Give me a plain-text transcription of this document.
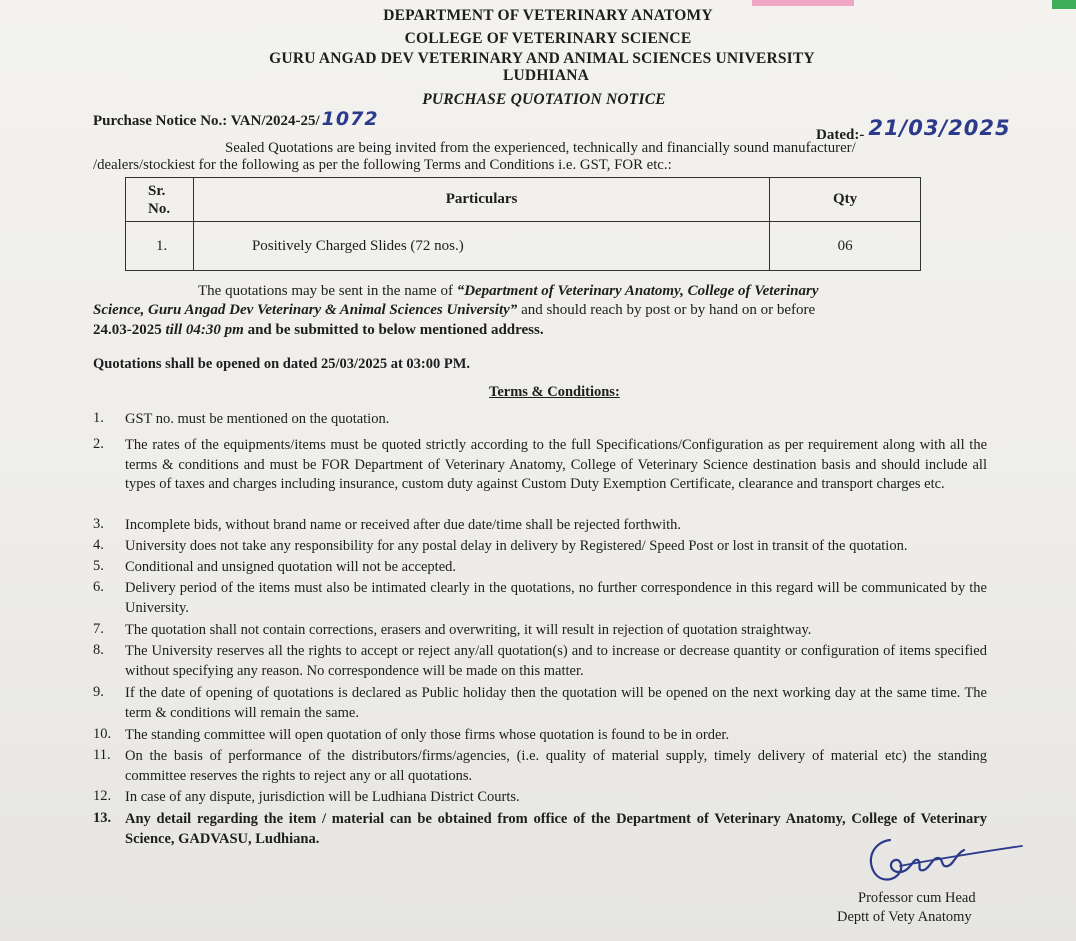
DEPARTMENT OF VETERINARY ANATOMY
COLLEGE OF VETERINARY SCIENCE
GURU ANGAD DEV VETERINARY AND ANIMAL SCIENCES UNIVERSITY
LUDHIANA
PURCHASE QUOTATION NOTICE
Purchase Notice No.: VAN/2024-25/ 1072
Dated:- 21/03/2025
Sealed Quotations are being invited from the experienced, technically and financially sound manufacturer/
/dealers/stockiest for the following as per the following Terms and Conditions i.e. GST, FOR etc.:
Sr.
No.	Particulars	Qty
1.	Positively Charged Slides (72 nos.)	06
The quotations may be sent in the name of “Department of Veterinary Anatomy, College of Veterinary
Science, Guru Angad Dev Veterinary & Animal Sciences University” and should reach by post or by hand on or before
24.03-2025 till 04:30 pm and be submitted to below mentioned address.
Quotations shall be opened on dated 25/03/2025 at 03:00 PM.
Terms & Conditions:
1. GST no. must be mentioned on the quotation.
2. The rates of the equipments/items must be quoted strictly according to the full Specifications/Configuration as per requirement along with all the terms & conditions and must be FOR Department of Veterinary Anatomy, College of Veterinary Science destination basis and should include all types of taxes and charges including insurance, custom duty against Custom Duty Exemption Certificate, clearance and transport charges etc.
3. Incomplete bids, without brand name or received after due date/time shall be rejected forthwith.
4. University does not take any responsibility for any postal delay in delivery by Registered/ Speed Post or lost in transit of the quotation.
5. Conditional and unsigned quotation will not be accepted.
6. Delivery period of the items must also be intimated clearly in the quotations, no further correspondence in this regard will be communicated by the University.
7. The quotation shall not contain corrections, erasers and overwriting, it will result in rejection of quotation straightway.
8. The University reserves all the rights to accept or reject any/all quotation(s) and to increase or decrease quantity or configuration of items specified without specifying any reason. No correspondence will be made on this matter.
9. If the date of opening of quotations is declared as Public holiday then the quotation will be opened on the next working day at the same time. The term & conditions will remain the same.
10. The standing committee will open quotation of only those firms whose quotation is found to be in order.
11. On the basis of performance of the distributors/firms/agencies, (i.e. quality of material supply, timely delivery of material etc) the standing committee reserves the rights to reject any or all quotations.
12. In case of any dispute, jurisdiction will be Ludhiana District Courts.
13. Any detail regarding the item / material can be obtained from office of the Department of Veterinary Anatomy, College of Veterinary Science, GADVASU, Ludhiana.
Professor cum Head
Deptt of Vety Anatomy
